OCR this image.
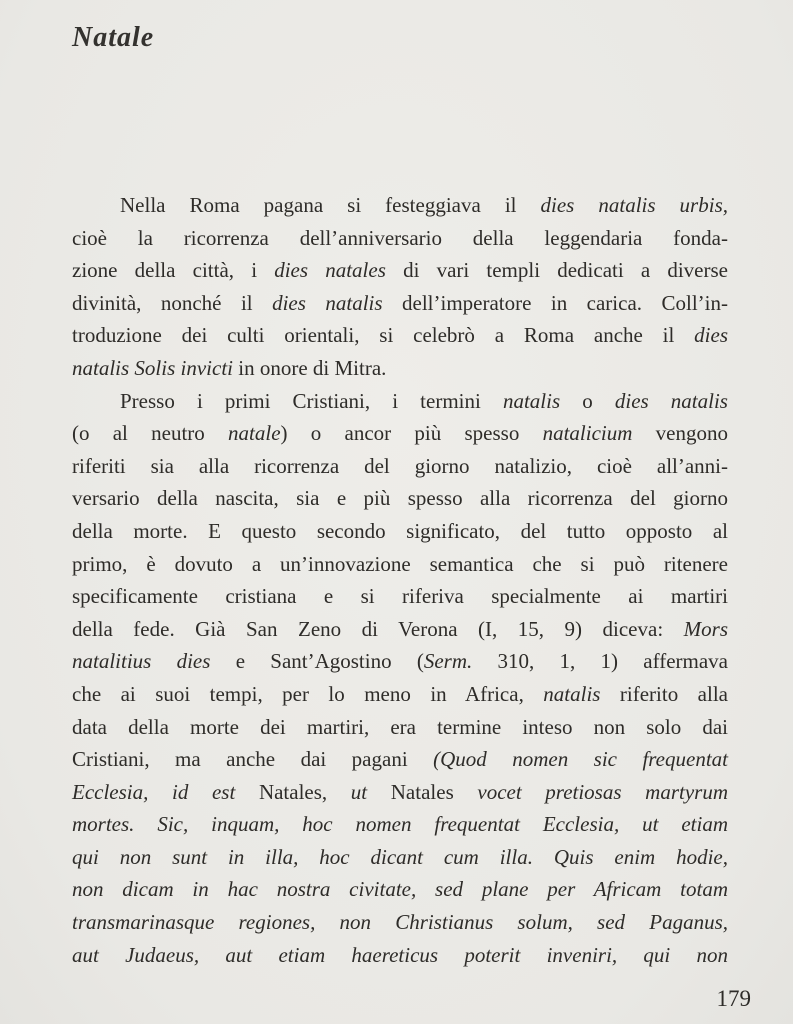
Natale
Nella Roma pagana si festeggiava il dies natalis urbis,
cioè la ricorrenza dell’anniversario della leggendaria fonda-
zione della città, i dies natales di vari templi dedicati a diverse
divinità, nonché il dies natalis dell’imperatore in carica. Coll’in-
troduzione dei culti orientali, si celebrò a Roma anche il dies
natalis Solis invicti in onore di Mitra.
Presso i primi Cristiani, i termini natalis o dies natalis
(o al neutro natale) o ancor più spesso natalicium vengono
riferiti sia alla ricorrenza del giorno natalizio, cioè all’anni-
versario della nascita, sia e più spesso alla ricorrenza del giorno
della morte. E questo secondo significato, del tutto opposto al
primo, è dovuto a un’innovazione semantica che si può ritenere
specificamente cristiana e si riferiva specialmente ai martiri
della fede. Già San Zeno di Verona (I, 15, 9) diceva: Mors
natalitius dies e Sant’Agostino (Serm. 310, 1, 1) affermava
che ai suoi tempi, per lo meno in Africa, natalis riferito alla
data della morte dei martiri, era termine inteso non solo dai
Cristiani, ma anche dai pagani (Quod nomen sic frequentat
Ecclesia, id est Natales, ut Natales vocet pretiosas martyrum
mortes. Sic, inquam, hoc nomen frequentat Ecclesia, ut etiam
qui non sunt in illa, hoc dicant cum illa. Quis enim hodie,
non dicam in hac nostra civitate, sed plane per Africam totam
transmarinasque regiones, non Christianus solum, sed Paganus,
aut Judaeus, aut etiam haereticus poterit inveniri, qui non
179
